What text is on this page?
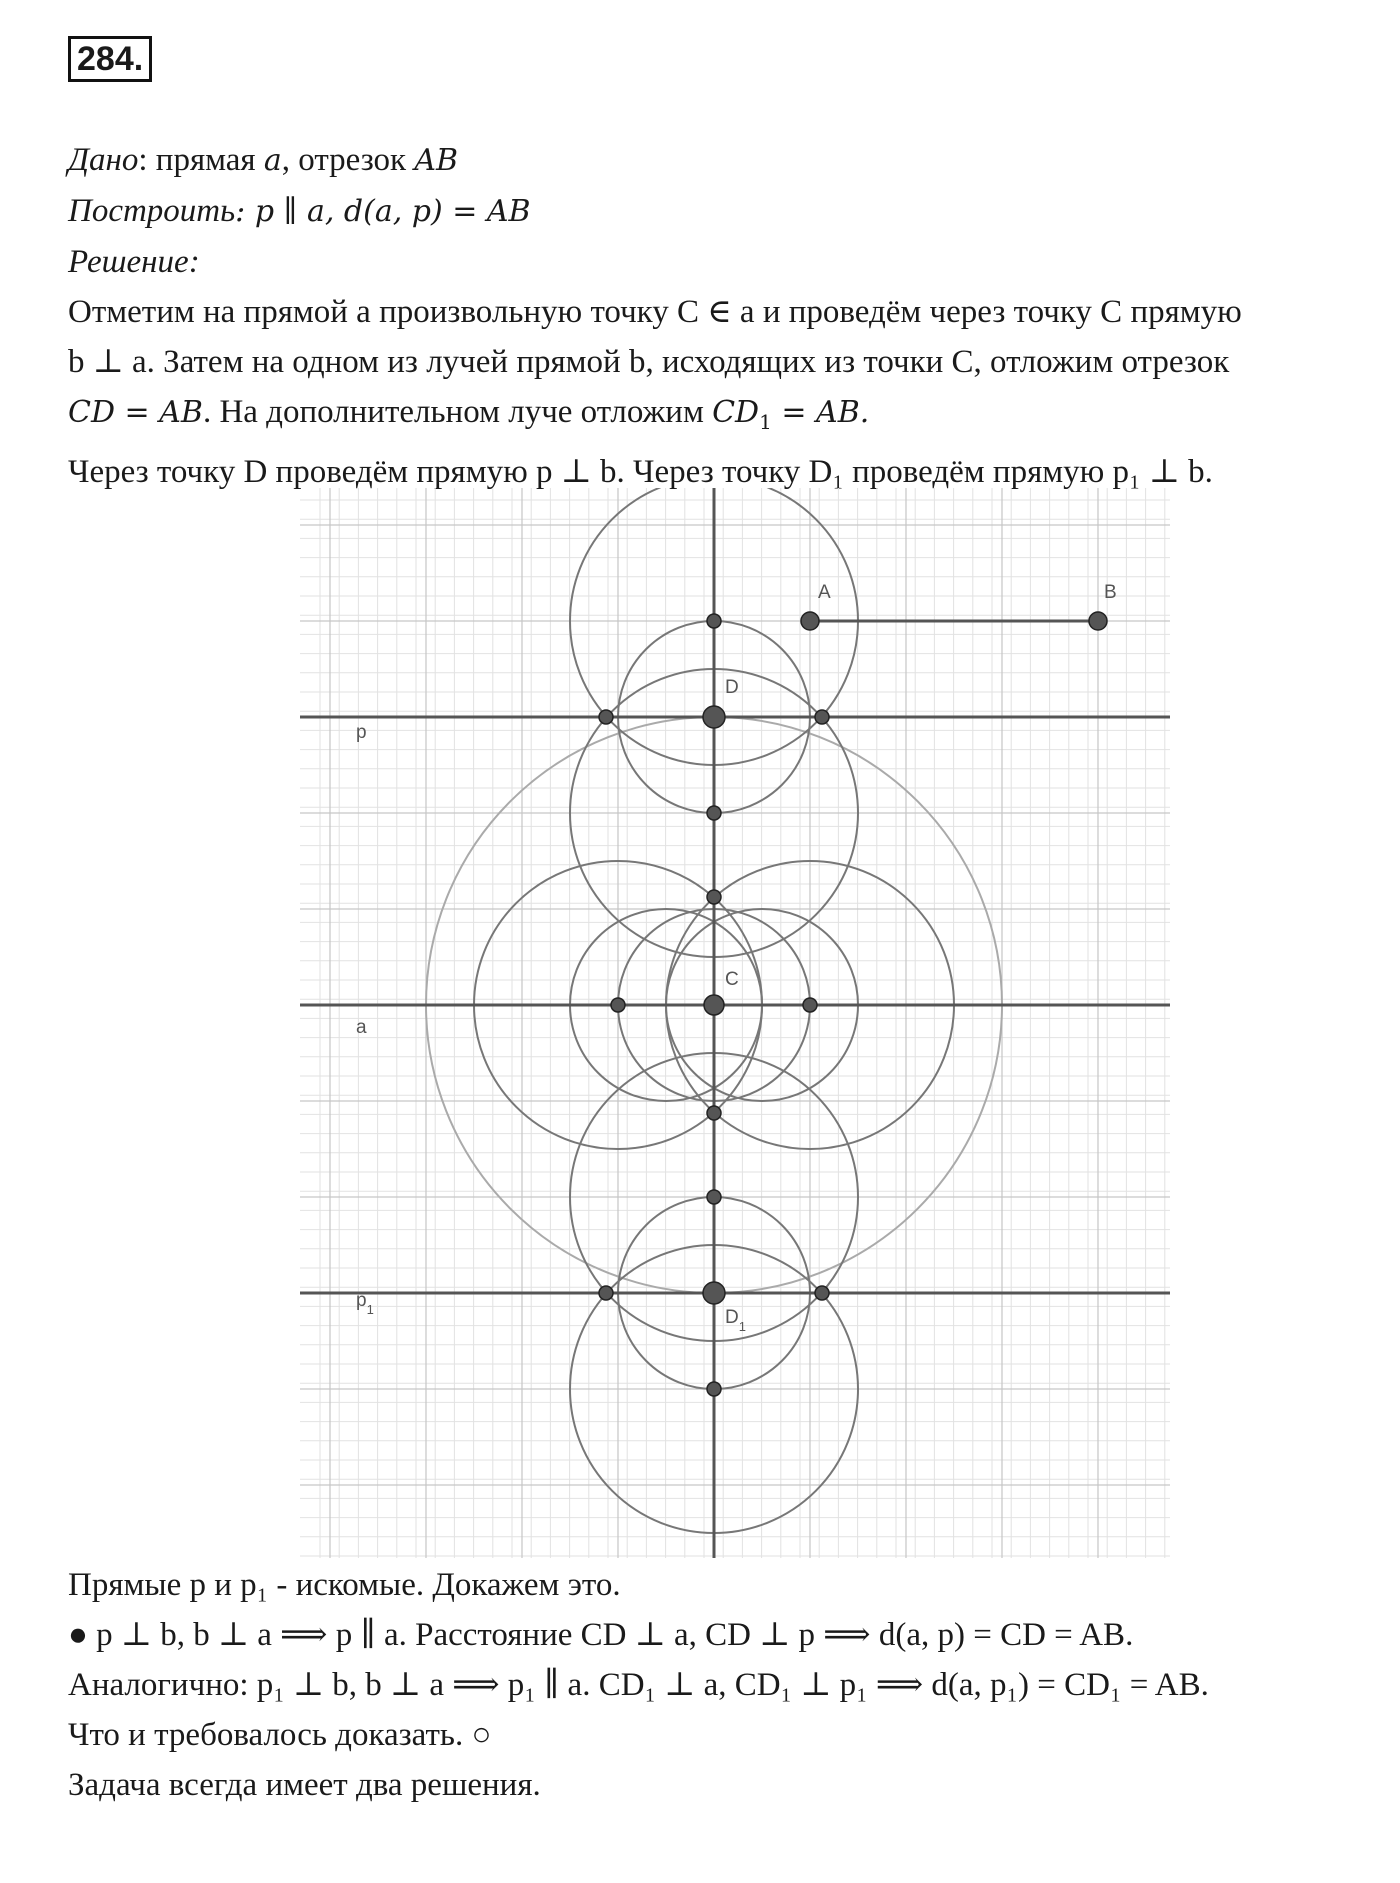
284.
Дано: прямая a, отрезок AB
Построить: p ∥ a, d(a, p) = AB
Решение:
Отметим на прямой a произвольную точку C ∈ a и проведём через точку C прямую
b ⊥ a. Затем на одном из лучей прямой b, исходящих из точки C, отложим отрезок
CD = AB. На дополнительном луче отложим $CD_1$ = AB.
Через точку D проведём прямую p ⊥ b. Через точку D₁ проведём прямую p₁ ⊥ b.
A	B
D
C
$D_1$
p
a
$p_1$
Прямые p и p₁ - искомые. Докажем это.
● p ⊥ b, b ⊥ a ⟹ p ∥ a. Расстояние CD ⊥ a, CD ⊥ p ⟹ d(a, p) = CD = AB.
Аналогично: p₁ ⊥ b, b ⊥ a ⟹ p₁ ∥ a. CD₁ ⊥ a, CD₁ ⊥ p₁ ⟹ d(a, p₁) = CD₁ = AB.
Что и требовалось доказать. ○
Задача всегда имеет два решения.
